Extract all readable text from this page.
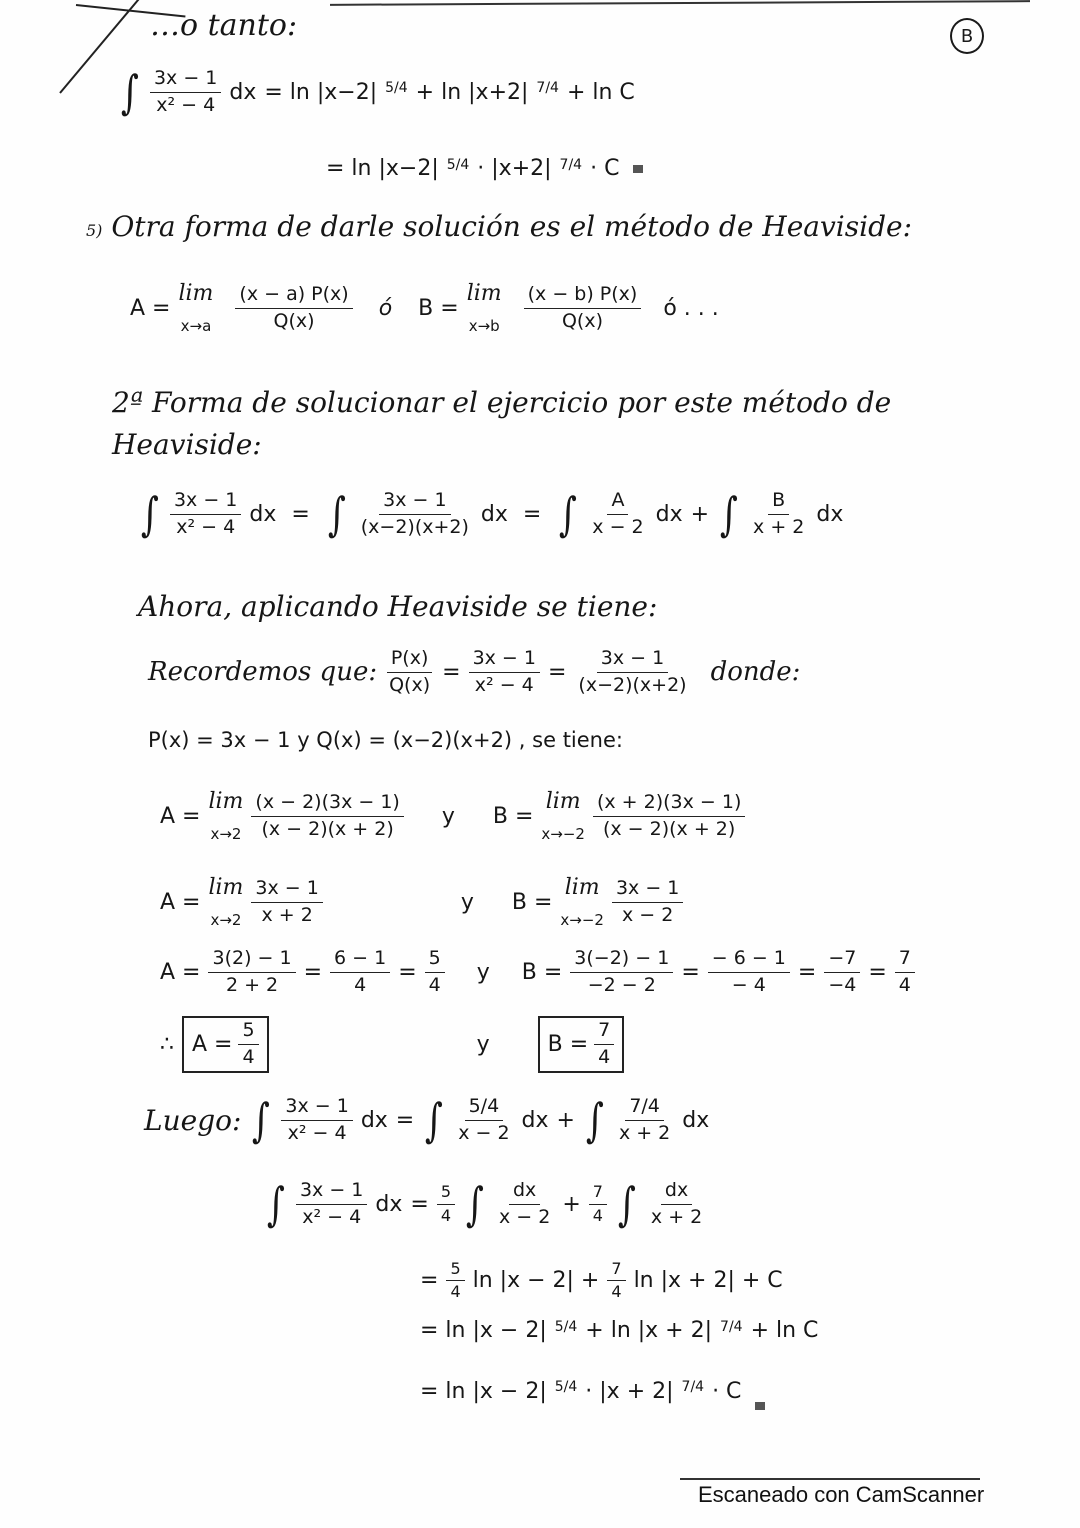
B
…o tanto:
∫ $\frac{3x - 1}{\text{x² − 4}}$ dx = ln |x−2| $^{5/4}$ + ln |x+2| $^{7/4}$ + ln C
= ln |x−2| $^{5/4}$ · |x+2| $^{7/4}$ · C
5) Otra forma de darle solución es el método de Heaviside:
A =
lim
$x\to a \frac{(x - a) P(x)}{Q(x)}$ ó B =
lim
$x\to b \frac{(x - b) P(x)}{Q(x)}$ ó . . .
2ª Forma de solucionar el ejercicio por este método de
Heaviside:
∫ $\frac{3x - 1}{\text{x² − 4}}$ dx = ∫ $\frac{3x - 1}{(x-2)(x+2)}$ dx = ∫ $\frac{A}{x - 2}$ dx + ∫ $\frac{B}{x + 2}$ dx
Ahora, aplicando Heaviside se tiene:
Recordemos que: $\frac{P(x)}{Q(x)} = \frac{3x - 1}{\text{x² − 4}} = \frac{3x - 1}{(x-2)(x+2)}$ donde:
P(x) = 3x − 1 y Q(x) = (x−2)(x+2) , se tiene:
A =
lim
$x\to 2 \frac{(x - 2)(3x - 1)}{(x - 2)(x + 2)}$ y B =
lim
$x\to-2 \frac{(x + 2)(3x - 1)}{(x - 2)(x + 2)}$
A =
lim
$x\to 2 \frac{3x - 1}{x + 2}$	y B =
lim
$x\to-2 \frac{3x - 1}{x - 2}$
$A = \frac{3(2) - 1}{2 + 2} = \frac{6 - 1}{4} = \frac{5}{4}$ y $B = \frac{3(-2) - 1}{-2 - 2} = \frac{- 6 - 1}{- 4} = \frac{-7}{-4} = \frac{7}{4}$
∴ $A = \frac{5}{4}$	y	$B = \frac{7}{4}$
Luego: ∫ $\frac{3x - 1}{\text{x² − 4}}$ dx = ∫ $\frac{5/4}{x - 2}$ dx + ∫ $\frac{7/4}{x + 2}$ dx
∫ $\frac{3x - 1}{\text{x² − 4}}$ dx = $\frac{5}{4}$ ∫ $\frac{dx}{x - 2} + \frac{7}{4}$ ∫ $\frac{dx}{x + 2}$
= $\frac{5}{4}$ $\ln |x - 2| + \frac{7}{4}$ ln |x + 2| + C
= ln |x − 2| $^{5/4}$ + ln |x + 2| $^{7/4}$ + ln C
= ln |x − 2| $^{5/4}$ · |x + 2| $^{7/4}$ · C
Escaneado con CamScanner
